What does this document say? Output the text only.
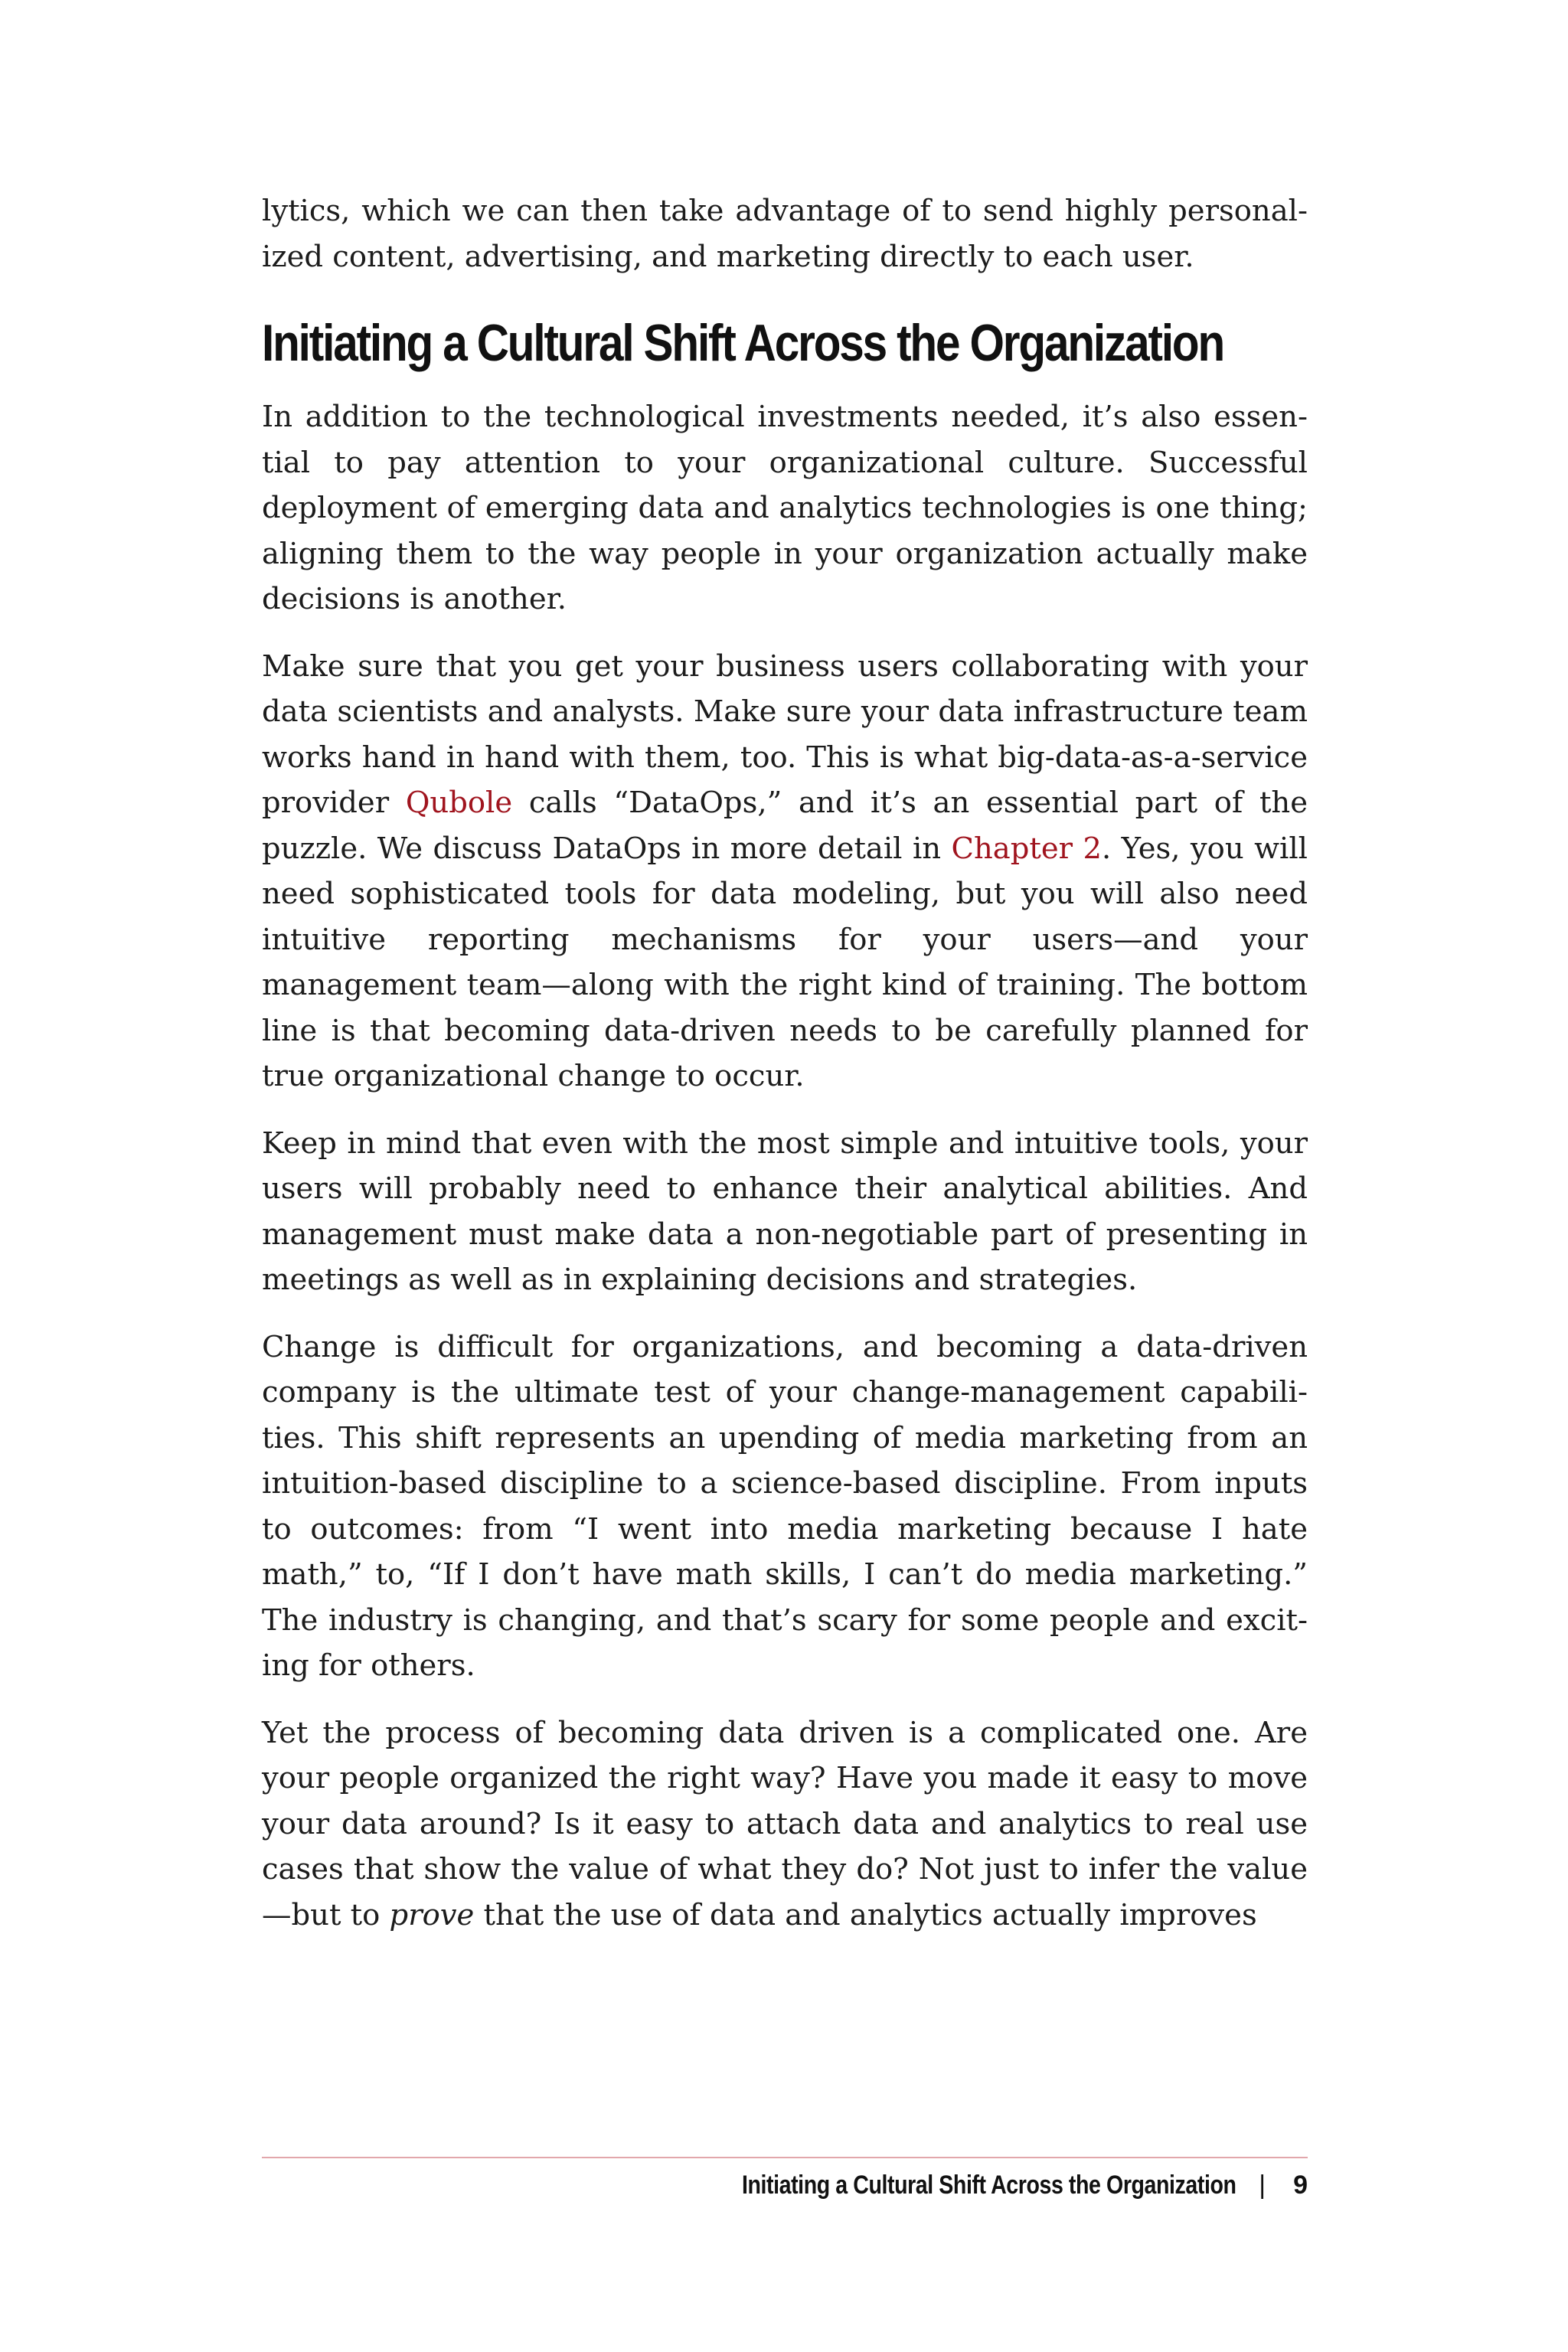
lytics, which we can then take advantage of to send highly personalized content, advertising, and marketing directly to each user.

Initiating a Cultural Shift Across the Organization

In addition to the technological investments needed, it’s also essential to pay attention to your organizational culture. Successful deployment of emerging data and analytics technologies is one thing; aligning them to the way people in your organization actually make decisions is another.

Make sure that you get your business users collaborating with your data scientists and analysts. Make sure your data infrastructure team works hand in hand with them, too. This is what big-data-as-a-service provider Qubole calls “DataOps,” and it’s an essential part of the puzzle. We discuss DataOps in more detail in Chapter 2. Yes, you will need sophisticated tools for data modeling, but you will also need intuitive reporting mechanisms for your users—and your management team—along with the right kind of training. The bottom line is that becoming data-driven needs to be carefully planned for true organizational change to occur.

Keep in mind that even with the most simple and intuitive tools, your users will probably need to enhance their analytical abilities. And management must make data a non-negotiable part of presenting in meetings as well as in explaining decisions and strategies.

Change is difficult for organizations, and becoming a data-driven company is the ultimate test of your change-management capabilities. This shift represents an upending of media marketing from an intuition-based discipline to a science-based discipline. From inputs to outcomes: from “I went into media marketing because I hate math,” to, “If I don’t have math skills, I can’t do media marketing.” The industry is changing, and that’s scary for some people and exciting for others.

Yet the process of becoming data driven is a complicated one. Are your people organized the right way? Have you made it easy to move your data around? Is it easy to attach data and analytics to real use cases that show the value of what they do? Not just to infer the value —but to prove that the use of data and analytics actually improves

Initiating a Cultural Shift Across the Organization | 9
